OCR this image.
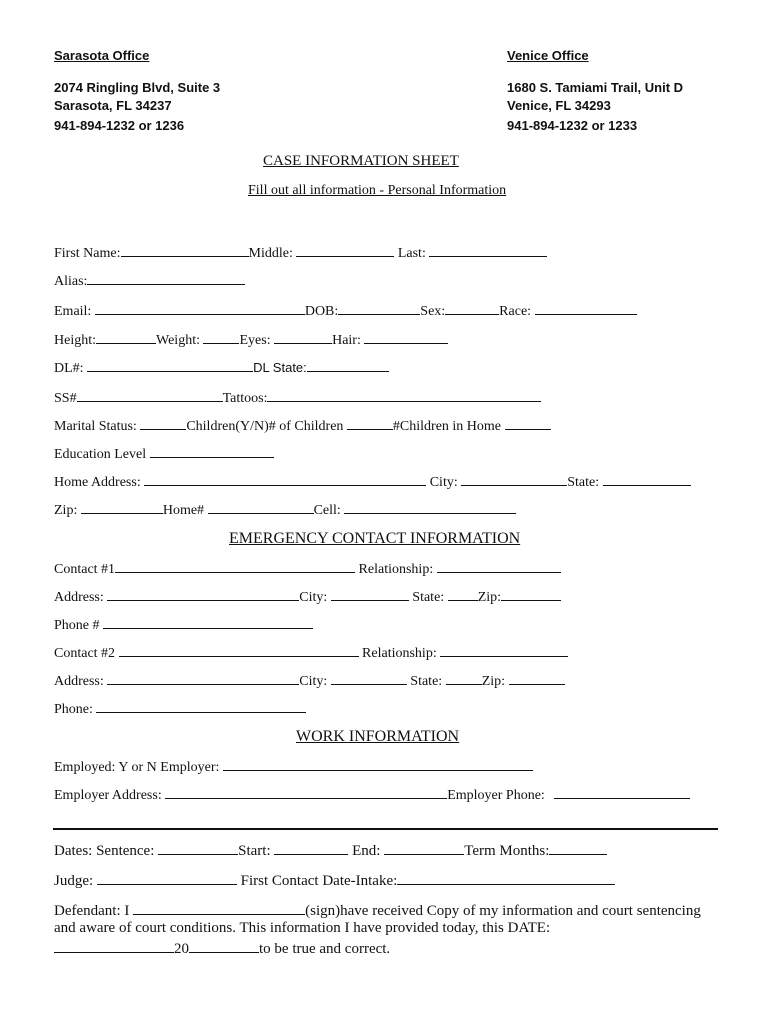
Sarasota Office
2074 Ringling Blvd, Suite 3
Sarasota, FL 34237
941-894-1232 or 1236
Venice Office
1680 S. Tamiami Trail, Unit D
Venice, FL 34293
941-894-1232 or 1233
CASE INFORMATION SHEET
Fill out all information - Personal Information
First Name:	Middle:	Last:
Alias:
Email:	DOB:	Sex:	Race:
Height:	Weight:	Eyes:	Hair:
DL#:	DL State:
SS#	Tattoos:
Marital Status:	Children(Y/N)# of Children	#Children in Home
Education Level
Home Address:	City:	State:
Zip:	Home#	Cell:
EMERGENCY CONTACT INFORMATION
Contact #1	Relationship:
Address:	City:	State: Zip:
Phone #
Contact #2	Relationship:
Address:	City:	State:	Zip:
Phone:
WORK INFORMATION
Employed: Y or N Employer:
Employer Address:	Employer Phone:
Dates: Sentence:	Start:	End:	Term Months:
Judge:	First Contact Date-Intake:
Defendant: I	(sign)have received Copy of my information and court sentencing
and aware of court conditions. This information I have provided today, this DATE:
20	to be true and correct.
